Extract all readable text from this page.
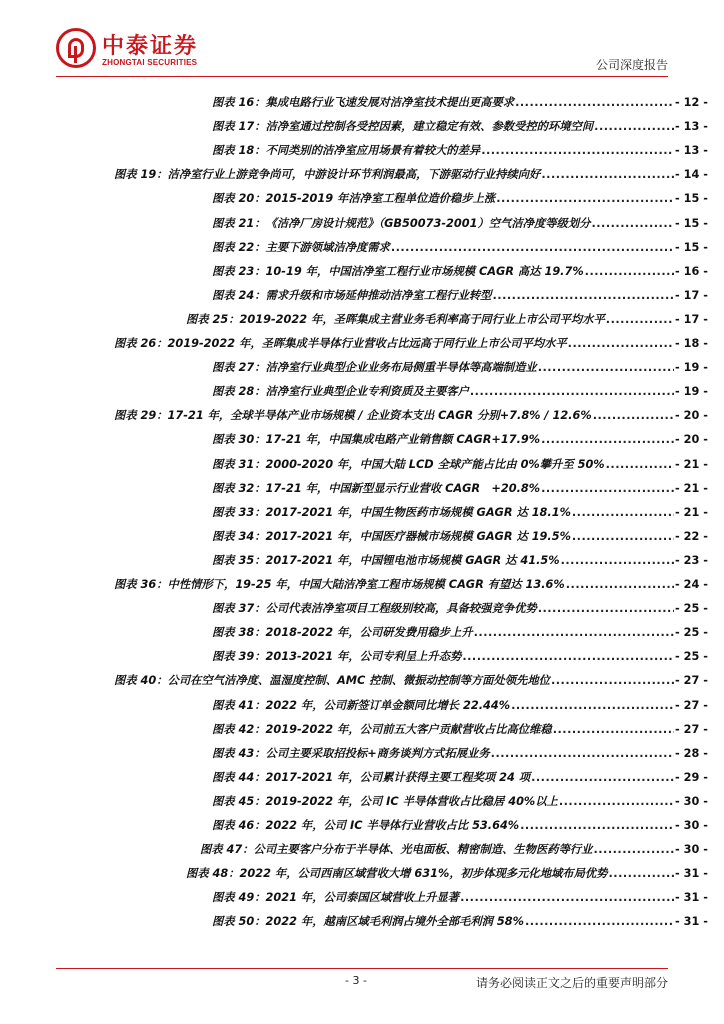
中泰证券
ZHONGTAI SECURITIES	公司深度报告
图表 16：集成电路行业飞速发展对洁净室技术提出更高要求 .....	- 12 -
图表 17：洁净室通过控制各受控因素，建立稳定有效、参数受控的环境空间 .....	- 13 -
图表 18：不同类别的洁净室应用场景有着较大的差异 .....	- 13 -
图表 19：洁净室行业上游竞争尚可，中游设计环节利润最高，下游驱动行业持续向好 .....	- 14 -
图表 20：2015-2019 年洁净室工程单位造价稳步上涨 .....	- 15 -
图表 21：《洁净厂房设计规范》（GB50073-2001）空气洁净度等级划分 .....	- 15 -
图表 22：主要下游领域洁净度需求 .....	- 15 -
图表 23：10-19 年，中国洁净室工程行业市场规模 CAGR 高达 19.7% .....	- 16 -
图表 24：需求升级和市场延伸推动洁净室工程行业转型 .....	- 17 -
图表 25：2019-2022 年，圣晖集成主营业务毛利率高于同行业上市公司平均水平 .....	- 17 -
图表 26：2019-2022 年，圣晖集成半导体行业营收占比远高于同行业上市公司平均水平 .....	- 18 -
图表 27：洁净室行业典型企业业务布局侧重半导体等高端制造业 .....	- 19 -
图表 28：洁净室行业典型企业专利资质及主要客户 .....	- 19 -
图表 29：17-21 年，全球半导体产业市场规模 / 企业资本支出 CAGR 分别+7.8% / 12.6% .....	- 20 -
图表 30：17-21 年，中国集成电路产业销售额 CAGR+17.9% .....	- 20 -
图表 31：2000-2020 年，中国大陆 LCD 全球产能占比由 0%攀升至 50% .....	- 21 -
图表 32：17-21 年，中国新型显示行业营收 CAGR　+20.8% .....	- 21 -
图表 33：2017-2021 年，中国生物医药市场规模 GAGR 达 18.1% .....	- 21 -
图表 34：2017-2021 年，中国医疗器械市场规模 GAGR 达 19.5% .....	- 22 -
图表 35：2017-2021 年，中国锂电池市场规模 GAGR 达 41.5% .....	- 23 -
图表 36：中性情形下，19-25 年，中国大陆洁净室工程市场规模 CAGR 有望达 13.6% .....	- 24 -
图表 37：公司代表洁净室项目工程级别较高，具备较强竞争优势 .....	- 25 -
图表 38：2018-2022 年，公司研发费用稳步上升 .....	- 25 -
图表 39：2013-2021 年，公司专利呈上升态势 .....	- 25 -
图表 40：公司在空气洁净度、温湿度控制、AMC 控制、微振动控制等方面处领先地位 .....	- 27 -
图表 41：2022 年，公司新签订单金额同比增长 22.44% .....	- 27 -
图表 42：2019-2022 年，公司前五大客户贡献营收占比高位维稳 .....	- 27 -
图表 43：公司主要采取招投标+商务谈判方式拓展业务 .....	- 28 -
图表 44：2017-2021 年，公司累计获得主要工程奖项 24 项 .....	- 29 -
图表 45：2019-2022 年，公司 IC 半导体营收占比稳居 40%以上 .....	- 30 -
图表 46：2022 年，公司 IC 半导体行业营收占比 53.64% .....	- 30 -
图表 47：公司主要客户分布于半导体、光电面板、精密制造、生物医药等行业 .....	- 30 -
图表 48：2022 年，公司西南区域营收大增 631%，初步体现多元化地域布局优势 .....	- 31 -
图表 49：2021 年，公司泰国区域营收上升显著 .....	- 31 -
图表 50：2022 年，越南区域毛利润占境外全部毛利润 58% .....	- 31 -
- 3 -	请务必阅读正文之后的重要声明部分
